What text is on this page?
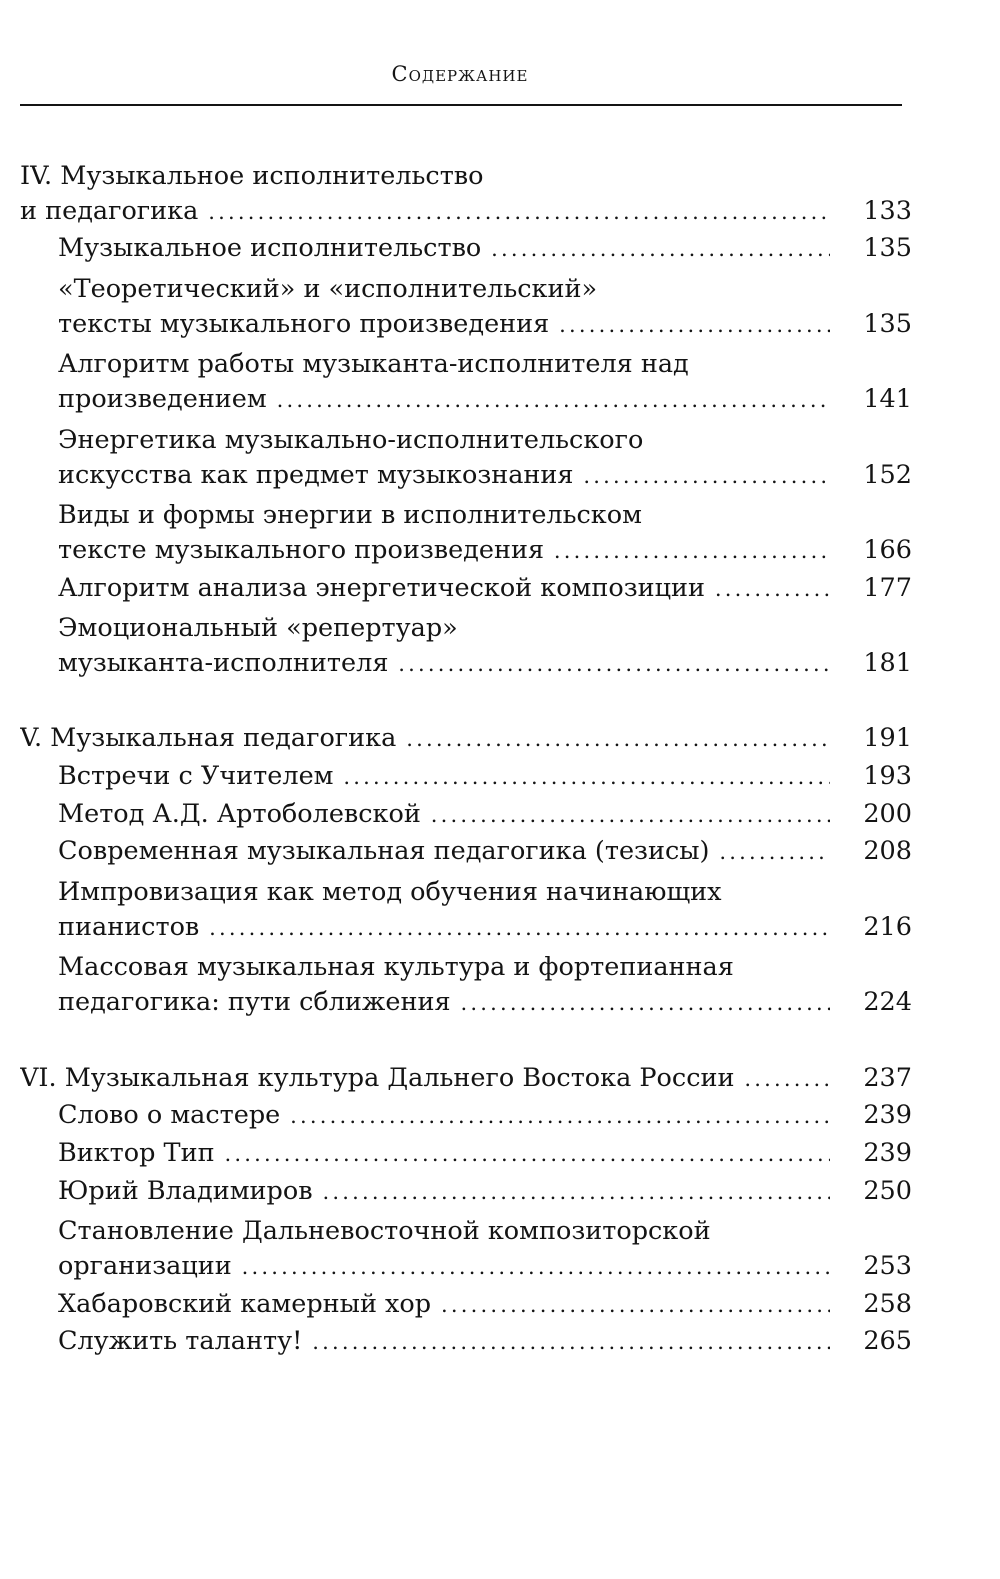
Содержание
IV. Музыкальное исполнительство
и педагогика .....	133
Музыкальное исполнительство .....	135
«Теоретический» и «исполнительский»
тексты музыкального произведения .....	135
Алгоритм работы музыканта-исполнителя над
произведением .....	141
Энергетика музыкально-исполнительского
искусства как предмет музыкознания .....	152
Виды и формы энергии в исполнительском
тексте музыкального произведения .....	166
Алгоритм анализа энергетической композиции .....	177
Эмоциональный «репертуар»
музыканта-исполнителя .....	181
V. Музыкальная педагогика .....	191
Встречи с Учителем .....	193
Метод А.Д. Артоболевской .....	200
Современная музыкальная педагогика (тезисы) .....	208
Импровизация как метод обучения начинающих
пианистов .....	216
Массовая музыкальная культура и фортепианная
педагогика: пути сближения .....	224
VI. Музыкальная культура Дальнего Востока России .....	237
Слово о мастере .....	239
Виктор Тип .....	239
Юрий Владимиров .....	250
Становление Дальневосточной композиторской
организации .....	253
Хабаровский камерный хор .....	258
Служить таланту! .....	265
